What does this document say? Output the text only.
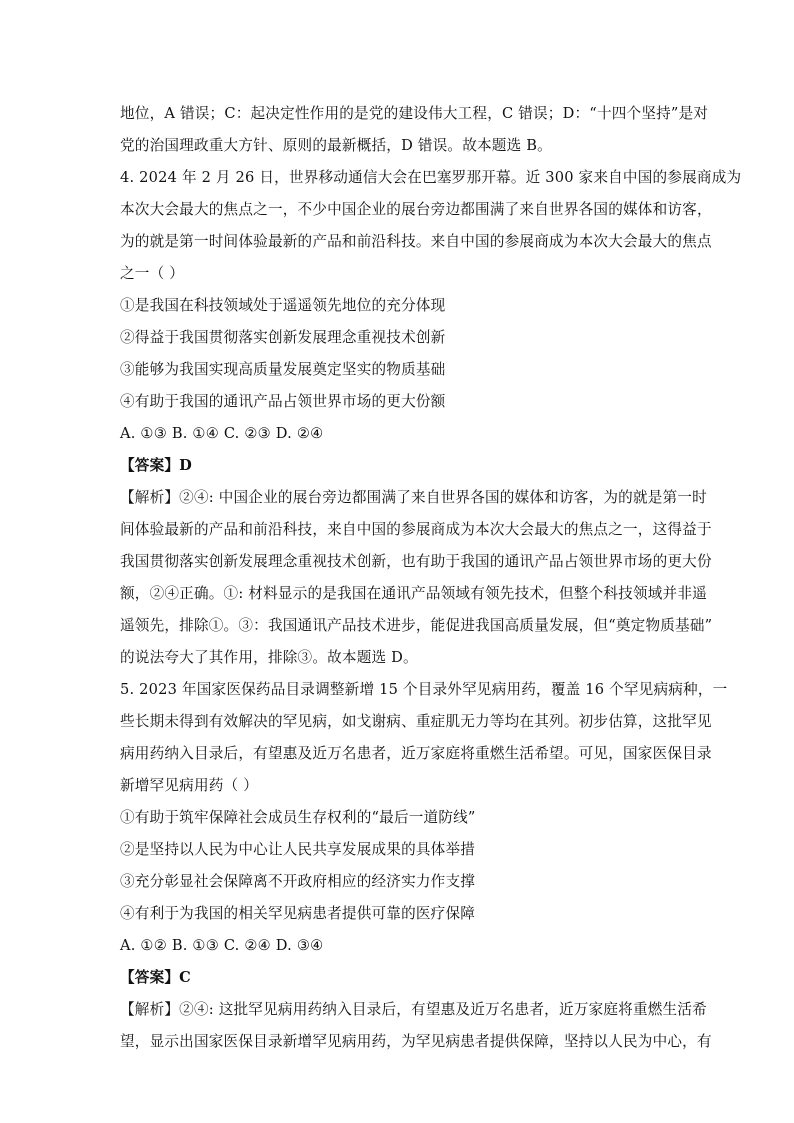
地位，A 错误；C：起决定性作用的是党的建设伟大工程，C 错误；D：“十四个坚持”是对
党的治国理政重大方针、原则的最新概括，D 错误。故本题选 B。
4. 2024 年 2 月 26 日，世界移动通信大会在巴塞罗那开幕。近 300 家来自中国的参展商成为
本次大会最大的焦点之一，不少中国企业的展台旁边都围满了来自世界各国的媒体和访客，
为的就是第一时间体验最新的产品和前沿科技。来自中国的参展商成为本次大会最大的焦点
之一（ ）
①是我国在科技领域处于遥遥领先地位的充分体现
②得益于我国贯彻落实创新发展理念重视技术创新
③能够为我国实现高质量发展奠定坚实的物质基础
④有助于我国的通讯产品占领世界市场的更大份额
A. ①③ B. ①④ C. ②③ D. ②④
【答案】D
【解析】②④: 中国企业的展台旁边都围满了来自世界各国的媒体和访客，为的就是第一时
间体验最新的产品和前沿科技，来自中国的参展商成为本次大会最大的焦点之一，这得益于
我国贯彻落实创新发展理念重视技术创新，也有助于我国的通讯产品占领世界市场的更大份
额，②④正确。①: 材料显示的是我国在通讯产品领域有领先技术，但整个科技领域并非遥
遥领先，排除①。③：我国通讯产品技术进步，能促进我国高质量发展，但“奠定物质基础”
的说法夸大了其作用，排除③。故本题选 D。
5. 2023 年国家医保药品目录调整新增 15 个目录外罕见病用药，覆盖 16 个罕见病病种，一
些长期未得到有效解决的罕见病，如戈谢病、重症肌无力等均在其列。初步估算，这批罕见
病用药纳入目录后，有望惠及近万名患者，近万家庭将重燃生活希望。可见，国家医保目录
新增罕见病用药（ ）
①有助于筑牢保障社会成员生存权利的“最后一道防线”
②是坚持以人民为中心让人民共享发展成果的具体举措
③充分彰显社会保障离不开政府相应的经济实力作支撑
④有利于为我国的相关罕见病患者提供可靠的医疗保障
A. ①② B. ①③ C. ②④ D. ③④
【答案】C
【解析】②④: 这批罕见病用药纳入目录后，有望惠及近万名患者，近万家庭将重燃生活希
望，显示出国家医保目录新增罕见病用药，为罕见病患者提供保障，坚持以人民为中心，有
